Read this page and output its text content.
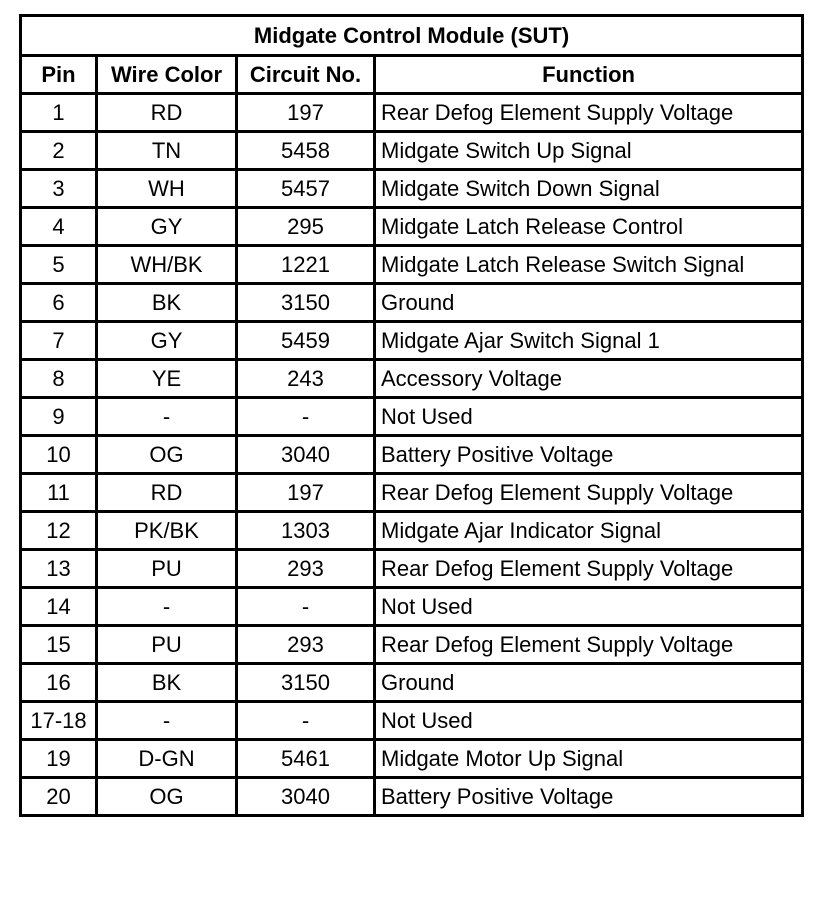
Midgate Control Module (SUT)			
Pin	Wire Color	Circuit No.	Function
1	RD	197	Rear Defog Element Supply Voltage
2	TN	5458	Midgate Switch Up Signal
3	WH	5457	Midgate Switch Down Signal
4	GY	295	Midgate Latch Release Control
5	WH/BK	1221	Midgate Latch Release Switch Signal
6	BK	3150	Ground
7	GY	5459	Midgate Ajar Switch Signal 1
8	YE	243	Accessory Voltage
9	-	-	Not Used
10	OG	3040	Battery Positive Voltage
11	RD	197	Rear Defog Element Supply Voltage
12	PK/BK	1303	Midgate Ajar Indicator Signal
13	PU	293	Rear Defog Element Supply Voltage
14	-	-	Not Used
15	PU	293	Rear Defog Element Supply Voltage
16	BK	3150	Ground
17-18	-	-	Not Used
19	D-GN	5461	Midgate Motor Up Signal
20	OG	3040	Battery Positive Voltage
